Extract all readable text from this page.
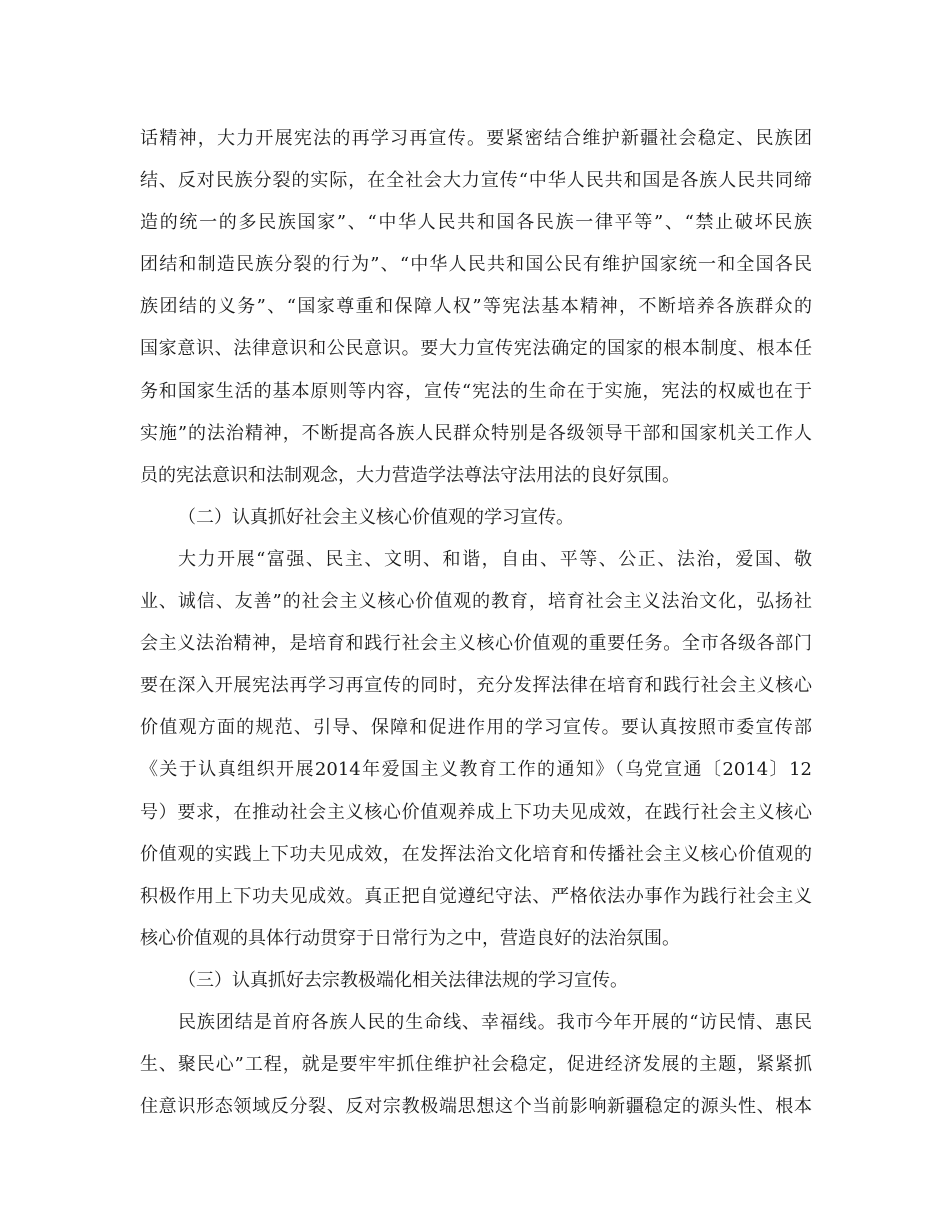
话精神，大力开展宪法的再学习再宣传。要紧密结合维护新疆社会稳定、民族团
结、反对民族分裂的实际，在全社会大力宣传“中华人民共和国是各族人民共同缔
造的统一的多民族国家”、“中华人民共和国各民族一律平等”、“禁止破坏民族
团结和制造民族分裂的行为”、“中华人民共和国公民有维护国家统一和全国各民
族团结的义务”、“国家尊重和保障人权”等宪法基本精神，不断培养各族群众的
国家意识、法律意识和公民意识。要大力宣传宪法确定的国家的根本制度、根本任
务和国家生活的基本原则等内容，宣传“宪法的生命在于实施，宪法的权威也在于
实施”的法治精神，不断提高各族人民群众特别是各级领导干部和国家机关工作人
员的宪法意识和法制观念，大力营造学法尊法守法用法的良好氛围。
（二）认真抓好社会主义核心价值观的学习宣传。
大力开展“富强、民主、文明、和谐，自由、平等、公正、法治，爱国、敬
业、诚信、友善”的社会主义核心价值观的教育，培育社会主义法治文化，弘扬社
会主义法治精神，是培育和践行社会主义核心价值观的重要任务。全市各级各部门
要在深入开展宪法再学习再宣传的同时，充分发挥法律在培育和践行社会主义核心
价值观方面的规范、引导、保障和促进作用的学习宣传。要认真按照市委宣传部
《关于认真组织开展2014年爱国主义教育工作的通知》（乌党宣通〔2014〕12
号）要求，在推动社会主义核心价值观养成上下功夫见成效，在践行社会主义核心
价值观的实践上下功夫见成效，在发挥法治文化培育和传播社会主义核心价值观的
积极作用上下功夫见成效。真正把自觉遵纪守法、严格依法办事作为践行社会主义
核心价值观的具体行动贯穿于日常行为之中，营造良好的法治氛围。
（三）认真抓好去宗教极端化相关法律法规的学习宣传。
民族团结是首府各族人民的生命线、幸福线。我市今年开展的“访民情、惠民
生、聚民心”工程，就是要牢牢抓住维护社会稳定，促进经济发展的主题，紧紧抓
住意识形态领域反分裂、反对宗教极端思想这个当前影响新疆稳定的源头性、根本
